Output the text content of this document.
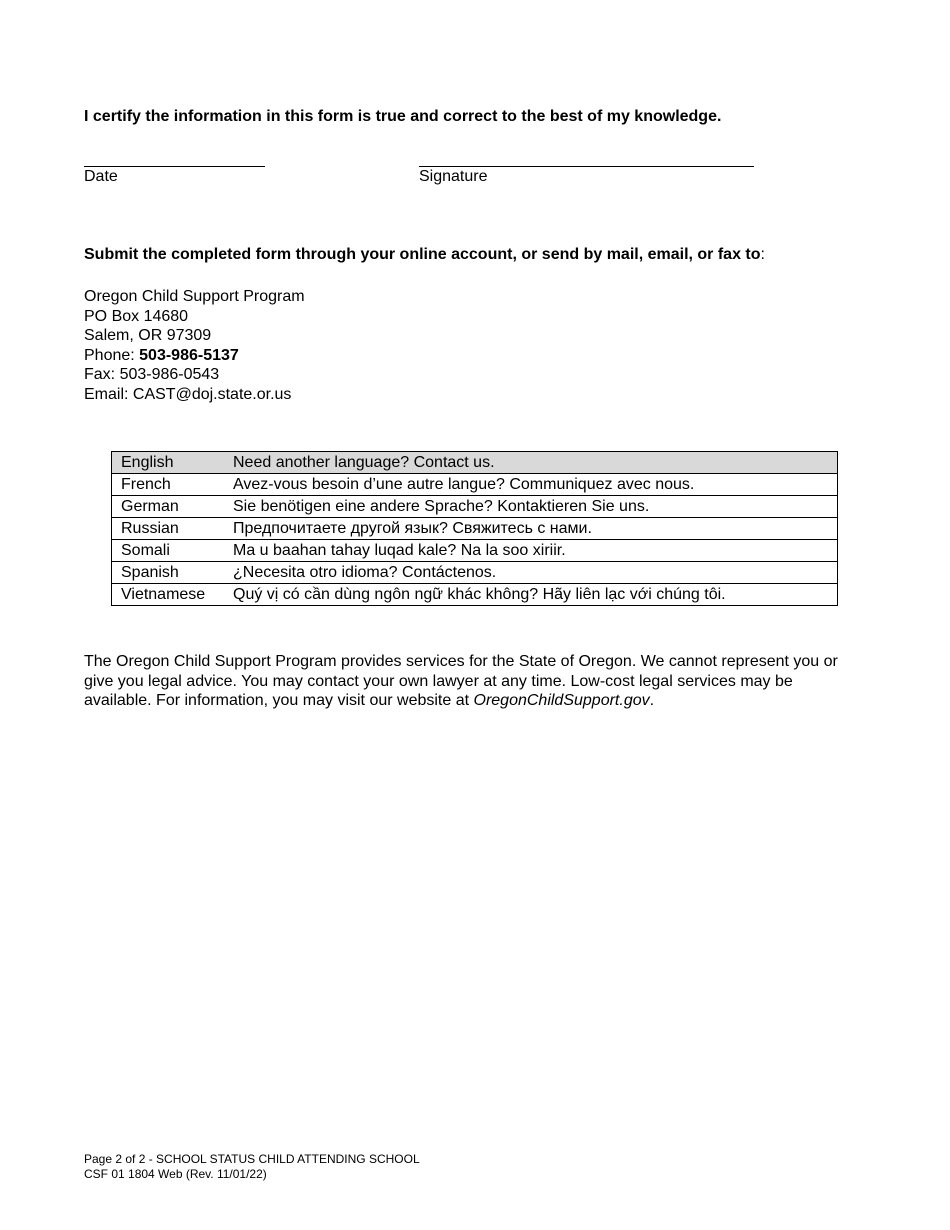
I certify the information in this form is true and correct to the best of my knowledge.
Date	Signature
Submit the completed form through your online account, or send by mail, email, or fax to:
Oregon Child Support Program
PO Box 14680
Salem, OR 97309
Phone: 503-986-5137
Fax: 503-986-0543
Email: CAST@doj.state.or.us
English	Need another language? Contact us.
French	Avez-vous besoin d’une autre langue? Communiquez avec nous.
German	Sie benötigen eine andere Sprache? Kontaktieren Sie uns.
Russian	Предпочитаете другой язык? Свяжитесь с нами.
Somali	Ma u baahan tahay luqad kale? Na la soo xiriir.
Spanish	¿Necesita otro idioma? Contáctenos.
Vietnamese	Quý vị có cần dùng ngôn ngữ khác không? Hãy liên lạc với chúng tôi.
The Oregon Child Support Program provides services for the State of Oregon. We cannot represent you or give you legal advice. You may contact your own lawyer at any time. Low-cost legal services may be available. For information, you may visit our website at OregonChildSupport.gov.
Page 2 of 2 - SCHOOL STATUS CHILD ATTENDING SCHOOL
CSF 01 1804 Web (Rev. 11/01/22)
